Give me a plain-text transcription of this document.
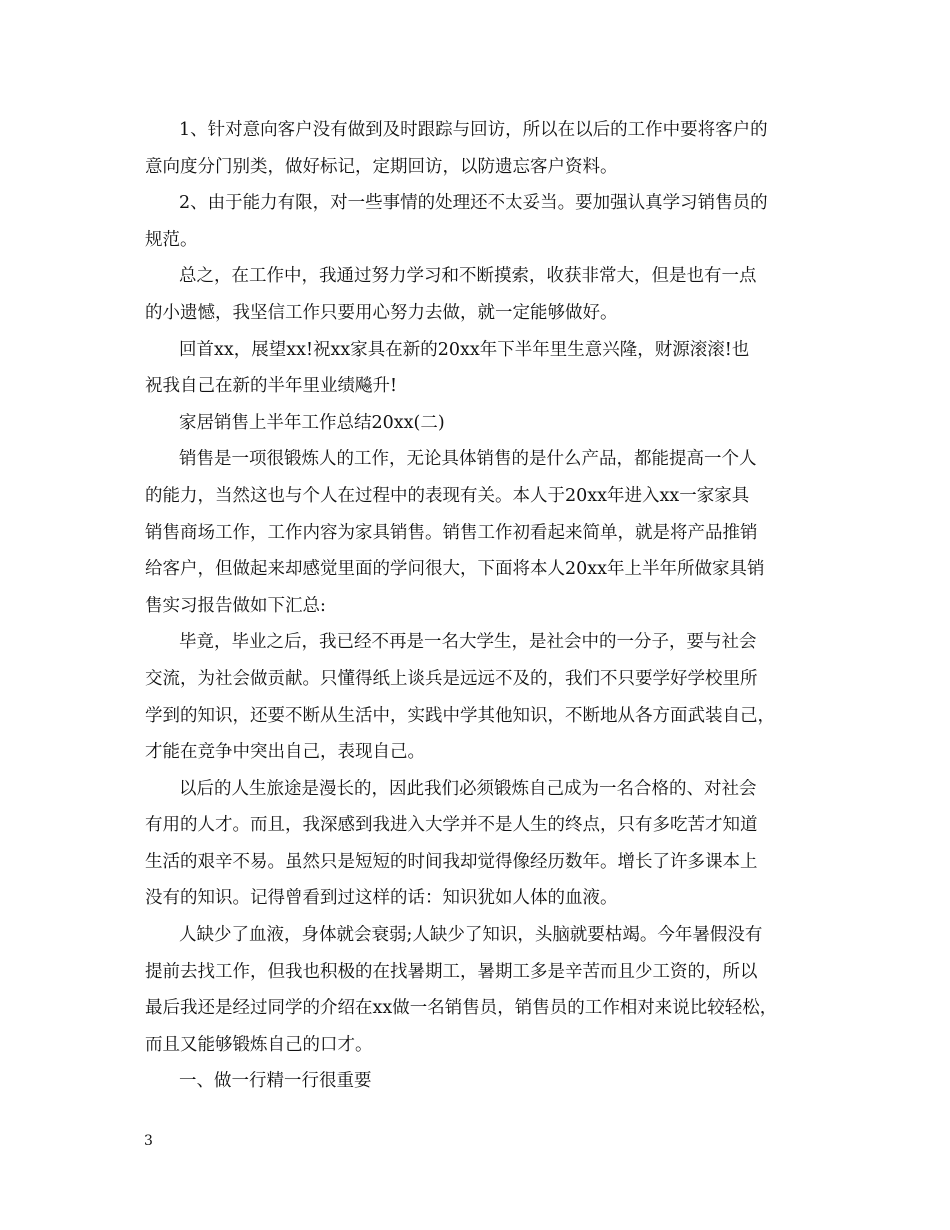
1、针对意向客户没有做到及时跟踪与回访，所以在以后的工作中要将客户的
意向度分门别类，做好标记，定期回访，以防遗忘客户资料。

2、由于能力有限，对一些事情的处理还不太妥当。要加强认真学习销售员的
规范。

总之，在工作中，我通过努力学习和不断摸索，收获非常大，但是也有一点
的小遗憾，我坚信工作只要用心努力去做，就一定能够做好。

回首xx，展望xx!祝xx家具在新的20xx年下半年里生意兴隆，财源滚滚!也
祝我自己在新的半年里业绩飚升!

家居销售上半年工作总结20xx(二)

销售是一项很锻炼人的工作，无论具体销售的是什么产品，都能提高一个人
的能力，当然这也与个人在过程中的表现有关。本人于20xx年进入xx一家家具
销售商场工作，工作内容为家具销售。销售工作初看起来简单，就是将产品推销
给客户，但做起来却感觉里面的学问很大，下面将本人20xx年上半年所做家具销
售实习报告做如下汇总:

毕竟，毕业之后，我已经不再是一名大学生，是社会中的一分子，要与社会
交流，为社会做贡献。只懂得纸上谈兵是远远不及的，我们不只要学好学校里所
学到的知识，还要不断从生活中，实践中学其他知识，不断地从各方面武装自己，
才能在竞争中突出自己，表现自己。

以后的人生旅途是漫长的，因此我们必须锻炼自己成为一名合格的、对社会
有用的人才。而且，我深感到我进入大学并不是人生的终点，只有多吃苦才知道
生活的艰辛不易。虽然只是短短的时间我却觉得像经历数年。增长了许多课本上
没有的知识。记得曾看到过这样的话：知识犹如人体的血液。

人缺少了血液，身体就会衰弱;人缺少了知识，头脑就要枯竭。今年暑假没有
提前去找工作，但我也积极的在找暑期工，暑期工多是辛苦而且少工资的，所以
最后我还是经过同学的介绍在xx做一名销售员，销售员的工作相对来说比较轻松，
而且又能够锻炼自己的口才。

一、做一行精一行很重要

3
